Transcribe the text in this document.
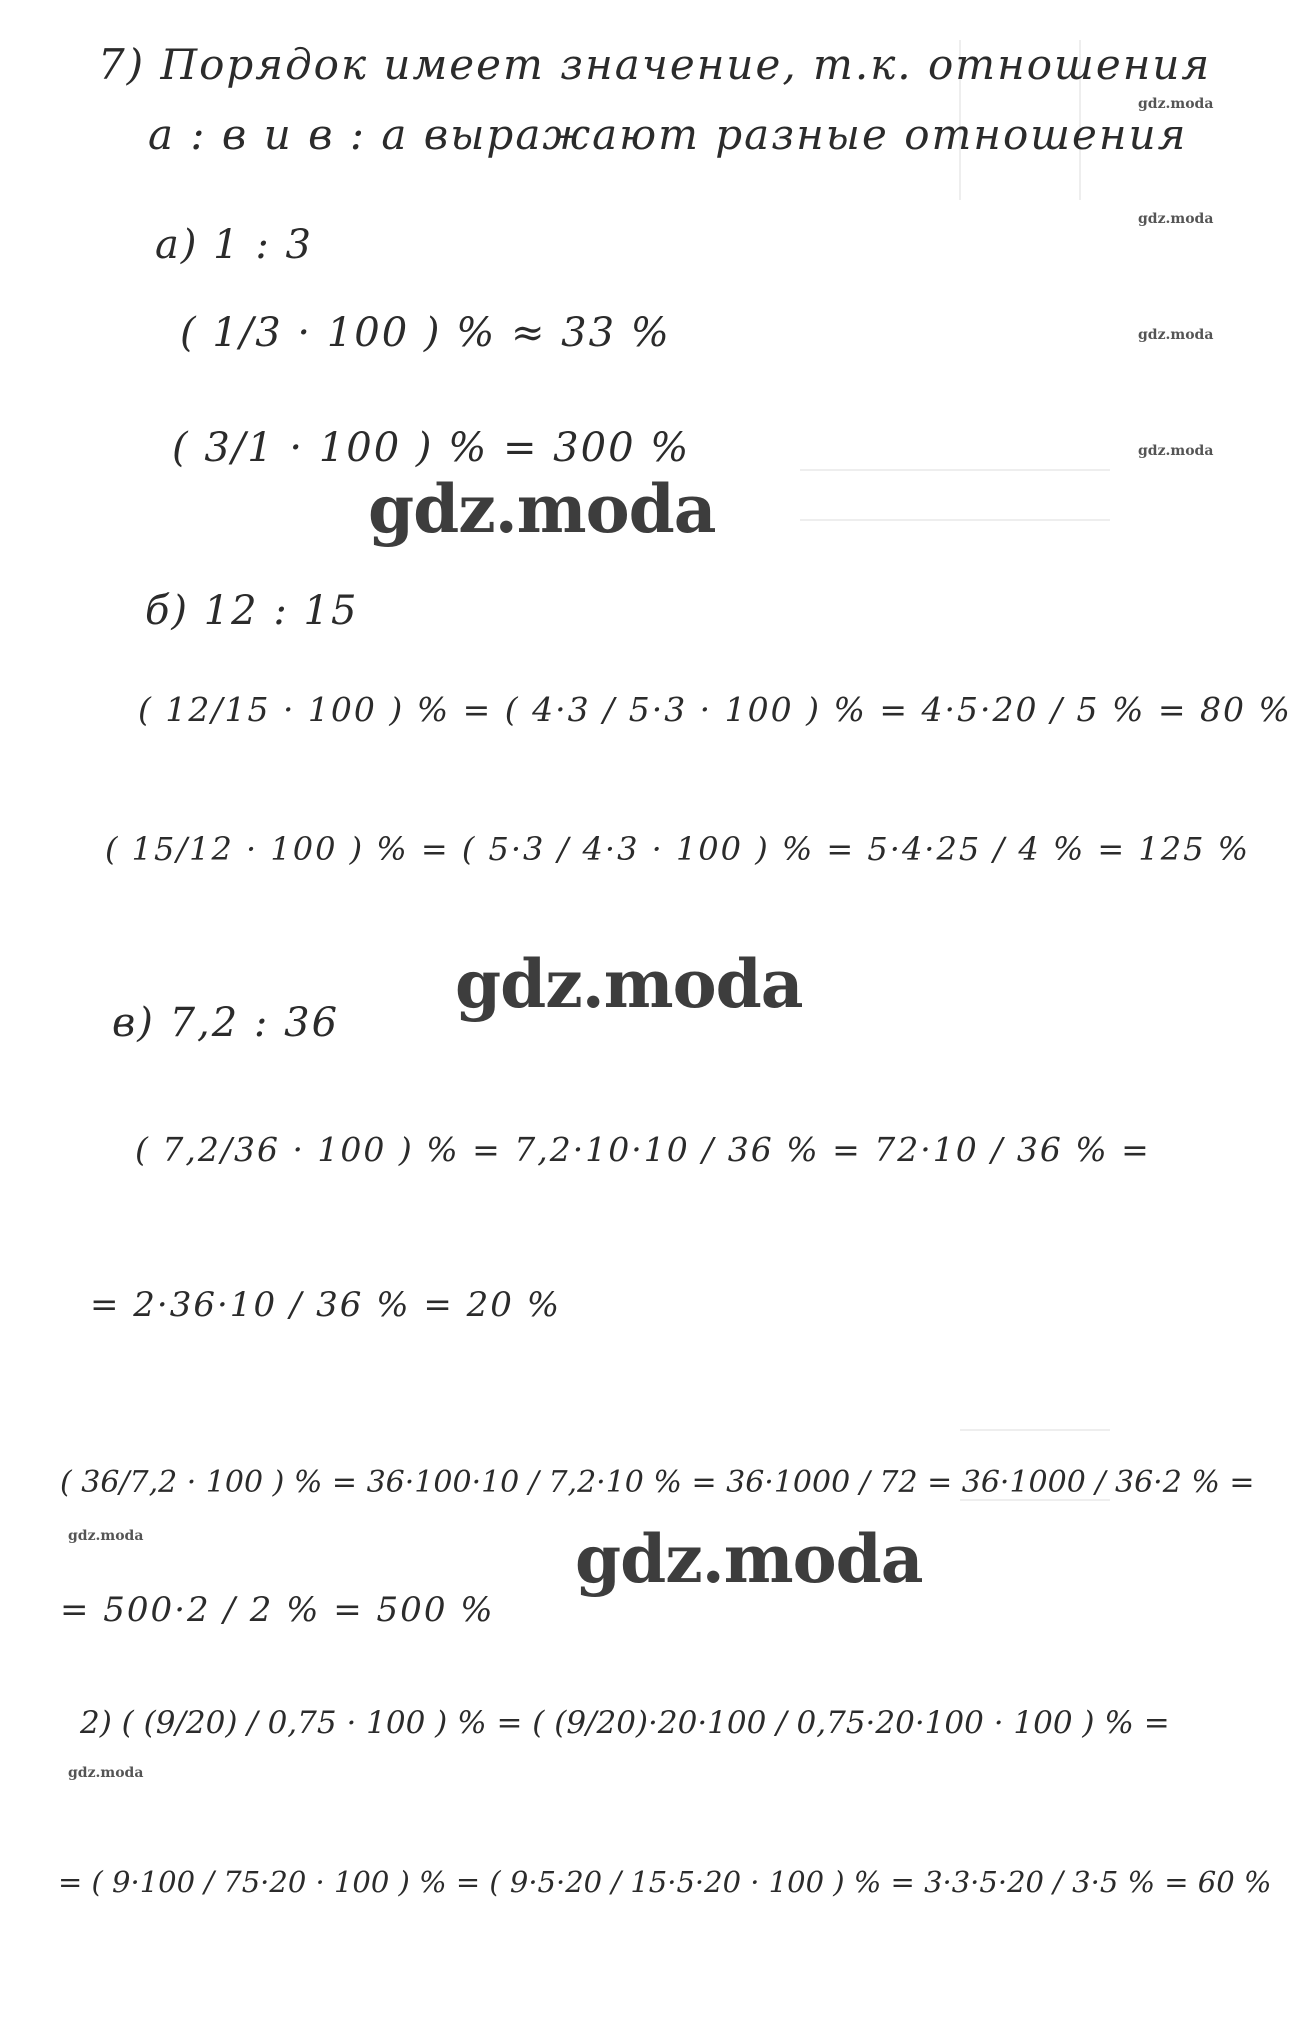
7) Порядок имеет значение, т.к. отношения
a : в и в : a выражают разные отношения
а) 1 : 3
( 1/3 · 100 ) % ≈ 33 %
( 3/1 · 100 ) % = 300 %
б) 12 : 15
( 12/15 · 100 ) % = ( 4·3 / 5·3 · 100 ) % = 4·5·20 / 5 % = 80 %
( 15/12 · 100 ) % = ( 5·3 / 4·3 · 100 ) % = 5·4·25 / 4 % = 125 %
в) 7,2 : 36
( 7,2/36 · 100 ) % = 7,2·10·10 / 36 % = 72·10 / 36 % =
= 2·36·10 / 36 % = 20 %
( 36/7,2 · 100 ) % = 36·100·10 / 7,2·10 % = 36·1000 / 72 = 36·1000 / 36·2 % =
= 500·2 / 2 % = 500 %
2) ( (9/20) / 0,75 · 100 ) % = ( (9/20)·20·100 / 0,75·20·100 · 100 ) % =
= ( 9·100 / 75·20 · 100 ) % = ( 9·5·20 / 15·5·20 · 100 ) % = 3·3·5·20 / 3·5 % = 60 %
gdz.moda
gdz.moda
gdz.moda
gdz.moda
gdz.moda
gdz.moda
gdz.moda
gdz.moda
gdz.moda
